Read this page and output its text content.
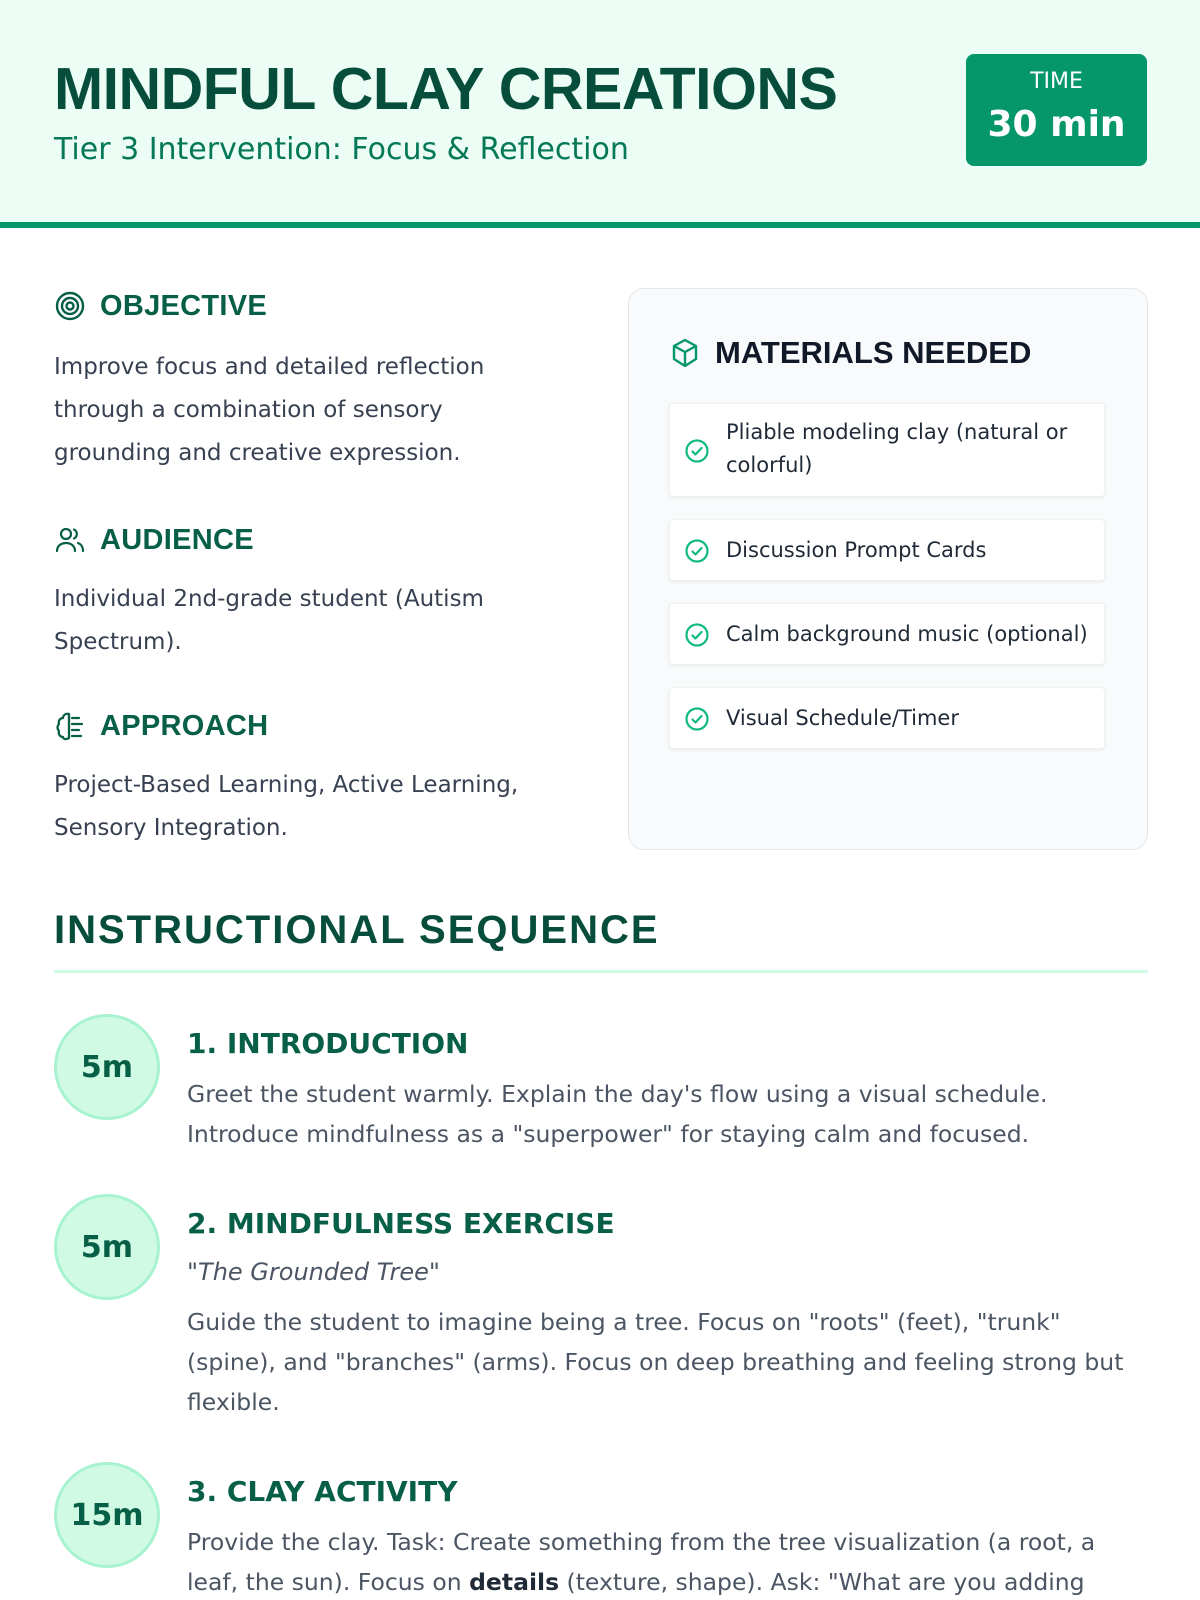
MINDFUL CLAY CREATIONS
Tier 3 Intervention: Focus & Reflection
TIME
30 min
OBJECTIVE

Improve focus and detailed reflection through a combination of sensory grounding and creative expression.

AUDIENCE

Individual 2nd-grade student (Autism Spectrum).

APPROACH

Project-Based Learning, Active Learning, Sensory Integration.

MATERIALS NEEDED
Pliable modeling clay (natural or colorful)
Discussion Prompt Cards
Calm background music (optional)
Visual Schedule/Timer
INSTRUCTIONAL SEQUENCE
5m
1. INTRODUCTION

Greet the student warmly. Explain the day's flow using a visual schedule. Introduce mindfulness as a "superpower" for staying calm and focused.

5m
2. MINDFULNESS EXERCISE
"The Grounded Tree"

Guide the student to imagine being a tree. Focus on "roots" (feet), "trunk" (spine), and "branches" (arms). Focus on deep breathing and feeling strong but flexible.

15m
3. CLAY ACTIVITY

Provide the clay. Task: Create something from the tree visualization (a root, a leaf, the sun). Focus on details (texture, shape). Ask: "What are you adding
